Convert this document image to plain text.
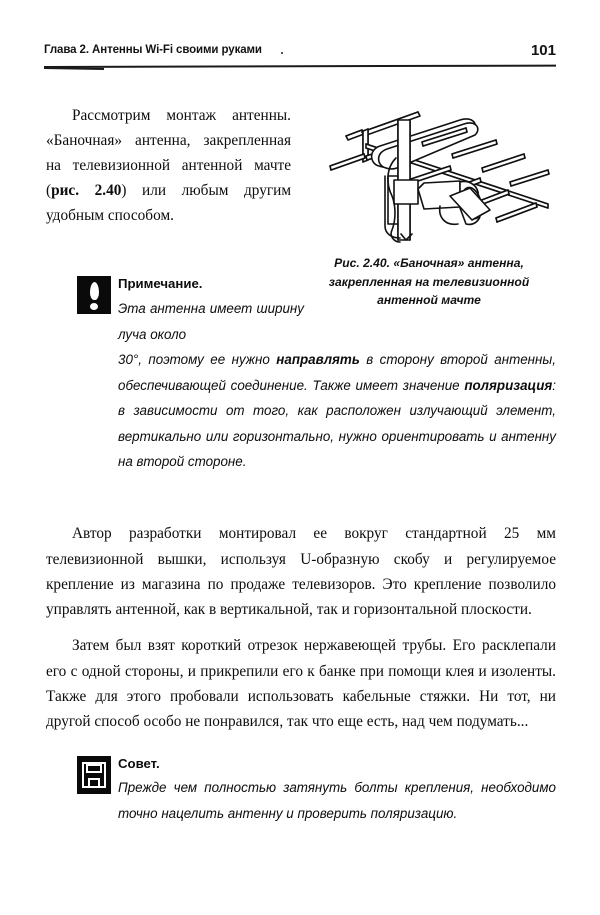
Глава 2. Антенны Wi-Fi своими руками	101

Рассмотрим монтаж антенны. «Баночная» антенна, закрепленная на телевизионной антенной мачте (рис. 2.40) или любым другим удобным способом.

Рис. 2.40. «Баночная» антенна, закрепленная на телевизионной антенной мачте
Примечание.
Эта антенна имеет ширину луча около
30°, поэтому ее нужно направлять в сторону второй антенны, обеспечивающей соединение. Также имеет значение поляризация: в зависимости от того, как расположен излучающий элемент, вертикально или горизонтально, нужно ориентировать и антенну на второй стороне.

Автор разработки монтировал ее вокруг стандартной 25 мм телевизионной вышки, используя U-образную скобу и регулируемое крепление из магазина по продаже телевизоров. Это крепление позволило управлять антенной, как в вертикальной, так и горизонтальной плоскости.

Затем был взят короткий отрезок нержавеющей трубы. Его расклепали его с одной стороны, и прикрепили его к банке при помощи клея и изоленты. Также для этого пробовали использовать кабельные стяжки. Ни тот, ни другой способ особо не понравился, так что еще есть, над чем подумать...

Совет.
Прежде чем полностью затянуть болты крепления, необходимо точно нацелить антенну и проверить поляризацию.
